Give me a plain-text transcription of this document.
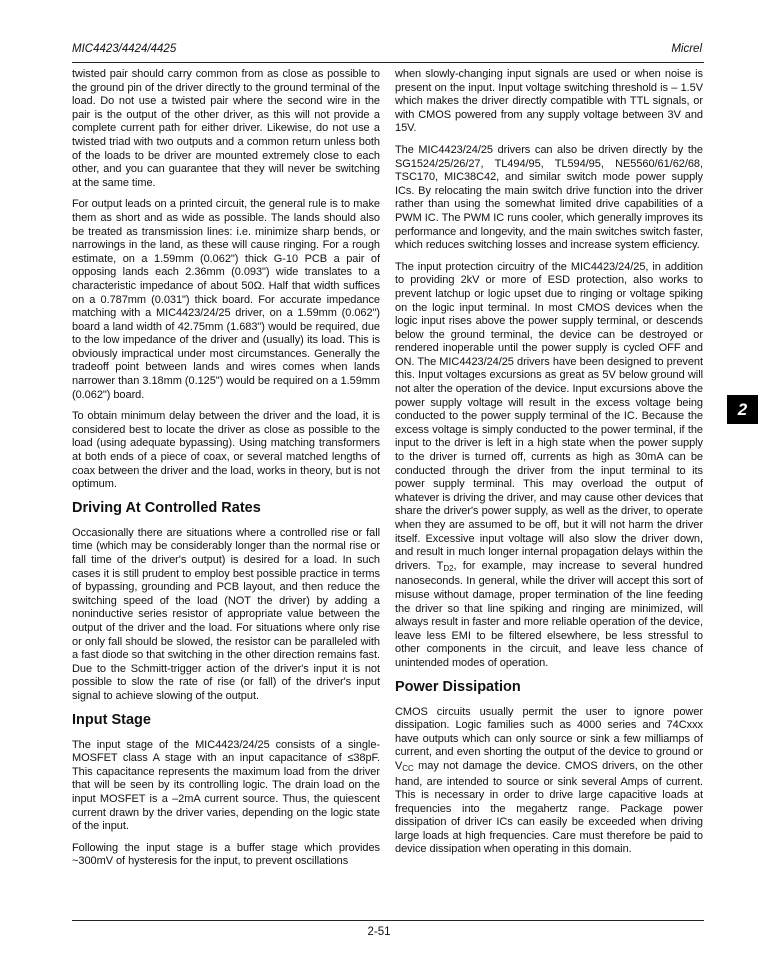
MIC4423/4424/4425	Micrel

twisted pair should carry common from as close as possible to the ground pin of the driver directly to the ground terminal of the load. Do not use a twisted pair where the second wire in the pair is the output of the other driver, as this will not provide a complete current path for either driver. Likewise, do not use a twisted triad with two outputs and a common return unless both of the loads to be driver are mounted extremely close to each other, and you can guarantee that they will never be switching at the same time.

For output leads on a printed circuit, the general rule is to make them as short and as wide as possible. The lands should also be treated as transmission lines: i.e. minimize sharp bends, or narrowings in the land, as these will cause ringing. For a rough estimate, on a 1.59mm (0.062") thick G-10 PCB a pair of opposing lands each 2.36mm (0.093") wide translates to a characteristic impedance of about 50Ω. Half that width suffices on a 0.787mm (0.031") thick board. For accurate impedance matching with a MIC4423/24/25 driver, on a 1.59mm (0.062") board a land width of 42.75mm (1.683") would be required, due to the low impedance of the driver and (usually) its load. This is obviously impractical under most circumstances. Generally the tradeoff point between lands and wires comes when lands narrower than 3.18mm (0.125") would be required on a 1.59mm (0.062") board.

To obtain minimum delay between the driver and the load, it is considered best to locate the driver as close as possible to the load (using adequate bypassing). Using matching transformers at both ends of a piece of coax, or several matched lengths of coax between the driver and the load, works in theory, but is not optimum.

Driving At Controlled Rates

Occasionally there are situations where a controlled rise or fall time (which may be considerably longer than the normal rise or fall time of the driver's output) is desired for a load. In such cases it is still prudent to employ best possible practice in terms of bypassing, grounding and PCB layout, and then reduce the switching speed of the load (NOT the driver) by adding a noninductive series resistor of appropriate value between the output of the driver and the load. For situations where only rise or only fall should be slowed, the resistor can be paralleled with a fast diode so that switching in the other direction remains fast. Due to the Schmitt-trigger action of the driver's input it is not possible to slow the rate of rise (or fall) of the driver's input signal to achieve slowing of the output.

Input Stage

The input stage of the MIC4423/24/25 consists of a single-MOSFET class A stage with an input capacitance of ≤38pF. This capacitance represents the maximum load from the driver that will be seen by its controlling logic. The drain load on the input MOSFET is a –2mA current source. Thus, the quiescent current drawn by the driver varies, depending on the logic state of the input.

Following the input stage is a buffer stage which provides ~300mV of hysteresis for the input, to prevent oscillations

when slowly-changing input signals are used or when noise is present on the input. Input voltage switching threshold is – 1.5V which makes the driver directly compatible with TTL signals, or with CMOS powered from any supply voltage between 3V and 15V.

The MIC4423/24/25 drivers can also be driven directly by the SG1524/25/26/27, TL494/95, TL594/95, NE5560/61/62/68, TSC170, MIC38C42, and similar switch mode power supply ICs. By relocating the main switch drive function into the driver rather than using the somewhat limited drive capabilities of a PWM IC. The PWM IC runs cooler, which generally improves its performance and longevity, and the main switches switch faster, which reduces switching losses and increase system efficiency.

The input protection circuitry of the MIC4423/24/25, in addition to providing 2kV or more of ESD protection, also works to prevent latchup or logic upset due to ringing or voltage spiking on the logic input terminal. In most CMOS devices when the logic input rises above the power supply terminal, or descends below the ground terminal, the device can be destroyed or rendered inoperable until the power supply is cycled OFF and ON. The MIC4423/24/25 drivers have been designed to prevent this. Input voltages excursions as great as 5V below ground will not alter the operation of the device. Input excursions above the power supply voltage will result in the excess voltage being conducted to the power supply terminal of the IC. Because the excess voltage is simply conducted to the power terminal, if the input to the driver is left in a high state when the power supply to the driver is turned off, currents as high as 30mA can be conducted through the driver from the input terminal to its power supply terminal. This may overload the output of whatever is driving the driver, and may cause other devices that share the driver's power supply, as well as the driver, to operate when they are assumed to be off, but it will not harm the driver itself. Excessive input voltage will also slow the driver down, and result in much longer internal propagation delays within the drivers. $T_{D2}$, for example, may increase to several hundred nanoseconds. In general, while the driver will accept this sort of misuse without damage, proper termination of the line feeding the driver so that line spiking and ringing are minimized, will always result in faster and more reliable operation of the device, leave less EMI to be filtered elsewhere, be less stressful to other components in the circuit, and leave less chance of unintended modes of operation.

Power Dissipation

CMOS circuits usually permit the user to ignore power dissipation. Logic families such as 4000 series and 74Cxxx have outputs which can only source or sink a few milliamps of current, and even shorting the output of the device to ground or $V_{CC}$ may not damage the device. CMOS drivers, on the other hand, are intended to source or sink several Amps of current. This is necessary in order to drive large capacitive loads at frequencies into the megahertz range. Package power dissipation of driver ICs can easily be exceeded when driving large loads at high frequencies. Care must therefore be paid to device dissipation when operating in this domain.

2
2-51
